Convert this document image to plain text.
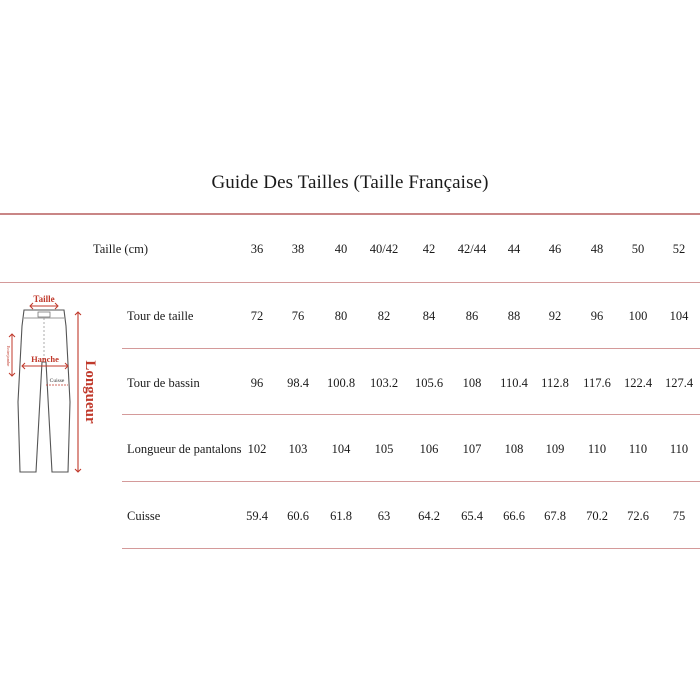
Guide Des Tailles (Taille Française)
Taille (cm)	36	38	40	40/42	42	42/44	44	46	48	50	52
Tour de taille	72	76	80	82	84	86	88	92	96	100	104
Tour de bassin	96	98.4	100.8	103.2	105.6	108	110.4	112.8	117.6	122.4	127.4
Longueur de pantalons 102	103	104	105	106	107	108	109	110	110	110
Cuisse	59.4	60.6	61.8	63	64.2	65.4	66.6	67.8	70.2	72.6	75
Taille
Hanche
Cuisse
Entrejambe
Longueur
